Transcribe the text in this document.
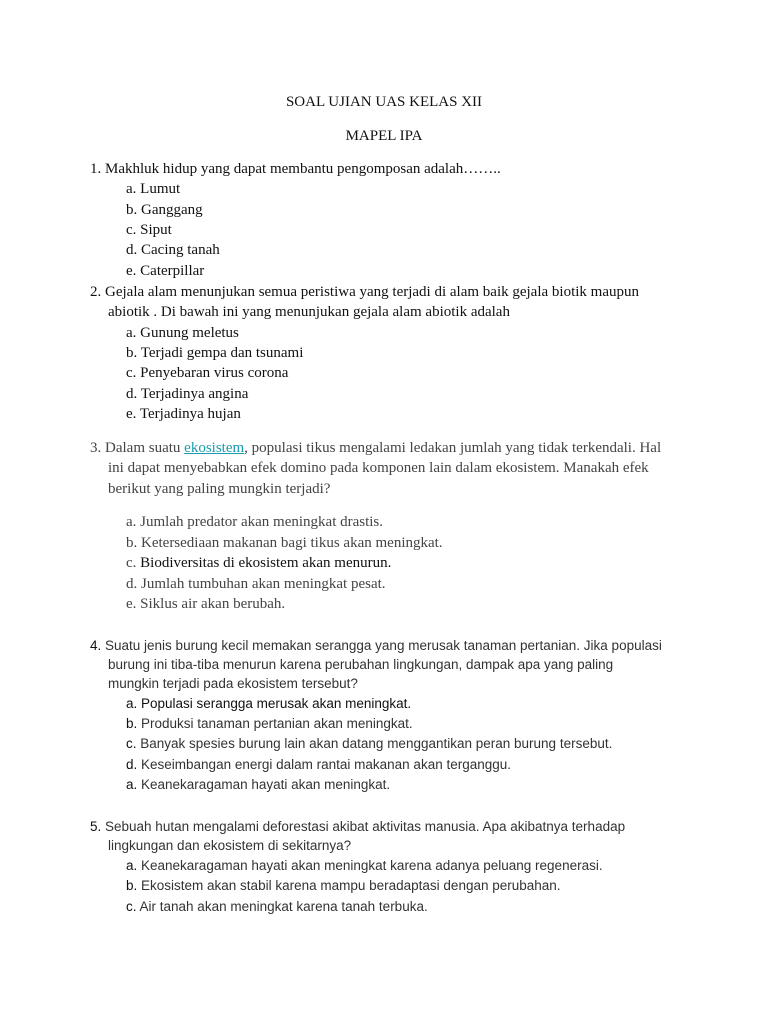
SOAL UJIAN UAS KELAS XII
MAPEL IPA
1. Makhluk hidup yang dapat membantu pengomposan adalah……..
a. Lumut
b. Ganggang
c. Siput
d. Cacing tanah
e. Caterpillar
2. Gejala alam menunjukan semua peristiwa yang terjadi di alam baik gejala biotik maupun
abiotik . Di bawah ini yang menunjukan gejala alam abiotik adalah
a. Gunung meletus
b. Terjadi gempa dan tsunami
c. Penyebaran virus corona
d. Terjadinya angina
e. Terjadinya hujan
3. Dalam suatu ekosistem, populasi tikus mengalami ledakan jumlah yang tidak terkendali. Hal
ini dapat menyebabkan efek domino pada komponen lain dalam ekosistem. Manakah efek
berikut yang paling mungkin terjadi?
a. Jumlah predator akan meningkat drastis.
b. Ketersediaan makanan bagi tikus akan meningkat.
c. Biodiversitas di ekosistem akan menurun.
d. Jumlah tumbuhan akan meningkat pesat.
e. Siklus air akan berubah.
4. Suatu jenis burung kecil memakan serangga yang merusak tanaman pertanian. Jika populasi
burung ini tiba-tiba menurun karena perubahan lingkungan, dampak apa yang paling
mungkin terjadi pada ekosistem tersebut?
a. Populasi serangga merusak akan meningkat.
b. Produksi tanaman pertanian akan meningkat.
c. Banyak spesies burung lain akan datang menggantikan peran burung tersebut.
d. Keseimbangan energi dalam rantai makanan akan terganggu.
a. Keanekaragaman hayati akan meningkat.
5. Sebuah hutan mengalami deforestasi akibat aktivitas manusia. Apa akibatnya terhadap
lingkungan dan ekosistem di sekitarnya?
a. Keanekaragaman hayati akan meningkat karena adanya peluang regenerasi.
b. Ekosistem akan stabil karena mampu beradaptasi dengan perubahan.
c. Air tanah akan meningkat karena tanah terbuka.
